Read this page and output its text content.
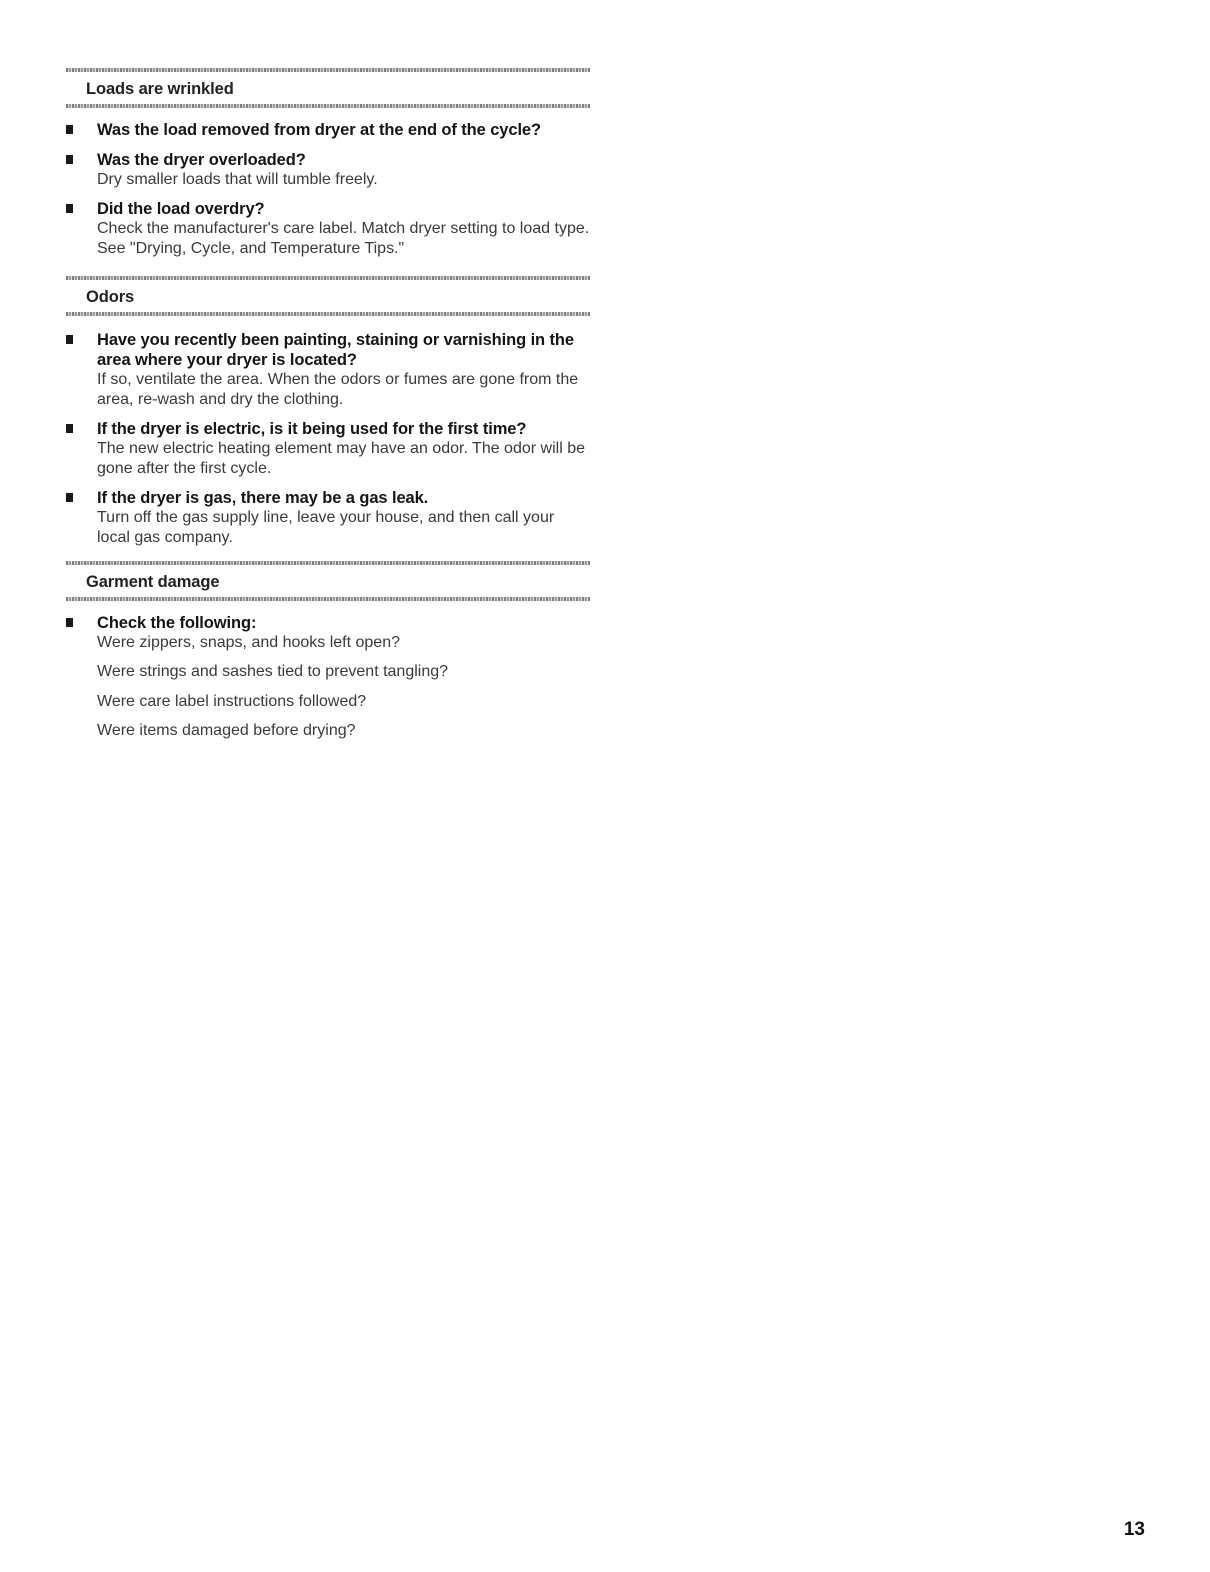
Loads are wrinkled
Was the load removed from dryer at the end of the cycle?
Was the dryer overloaded?
Dry smaller loads that will tumble freely.
Did the load overdry?
Check the manufacturer's care label. Match dryer setting to load type. See "Drying, Cycle, and Temperature Tips."
Odors
Have you recently been painting, staining or varnishing in the area where your dryer is located?
If so, ventilate the area. When the odors or fumes are gone from the area, re-wash and dry the clothing.
If the dryer is electric, is it being used for the first time?
The new electric heating element may have an odor. The odor will be gone after the first cycle.
If the dryer is gas, there may be a gas leak.
Turn off the gas supply line, leave your house, and then call your local gas company.
Garment damage
Check the following:
Were zippers, snaps, and hooks left open?
Were strings and sashes tied to prevent tangling?
Were care label instructions followed?
Were items damaged before drying?
13
